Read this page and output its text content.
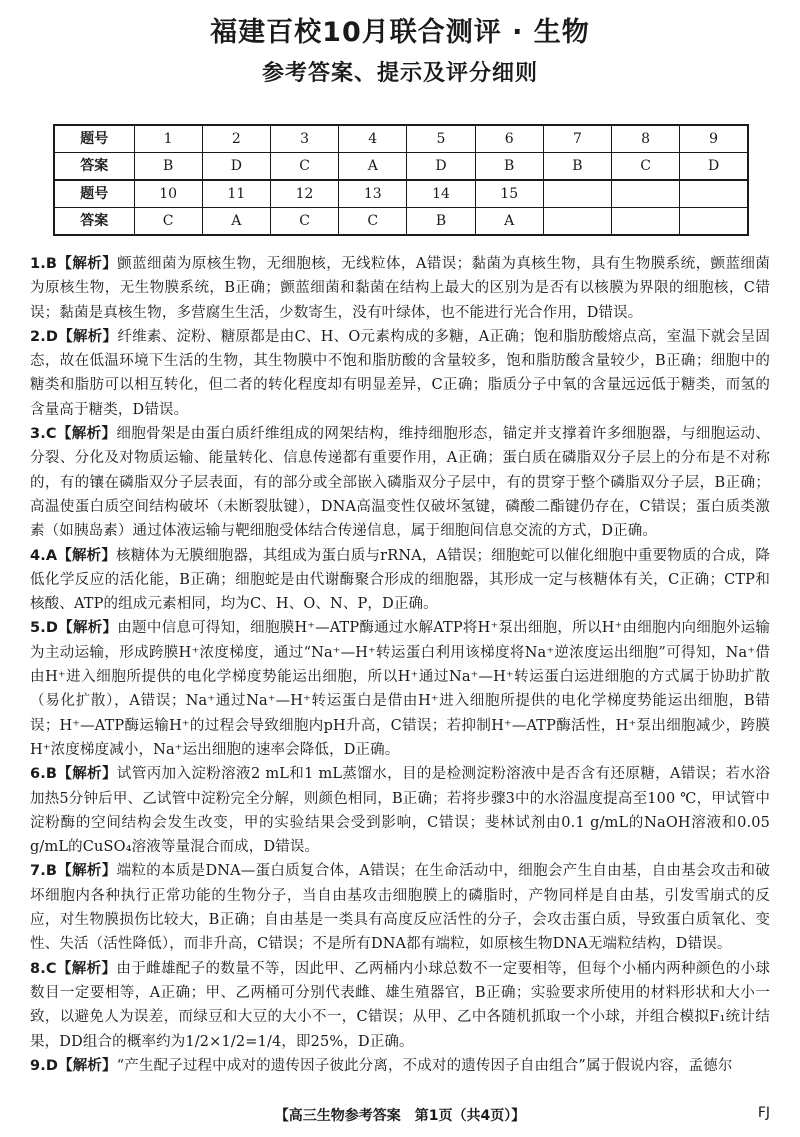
福建百校10月联合测评 · 生物
参考答案、提示及评分细则
题号	1	2	3	4	5	6	7	8	9
答案	B	D	C	A	D	B	B	C	D
题号	10	11	12	13	14	15			
答案	C	A	C	C	B	A			

1.B【解析】颤蓝细菌为原核生物，无细胞核，无线粒体，A错误；黏菌为真核生物，具有生物膜系统，颤蓝细菌为原核生物，无生物膜系统，B正确；颤蓝细菌和黏菌在结构上最大的区别为是否有以核膜为界限的细胞核，C错误；黏菌是真核生物，多营腐生生活，少数寄生，没有叶绿体，也不能进行光合作用，D错误。

2.D【解析】纤维素、淀粉、糖原都是由C、H、O元素构成的多糖，A正确；饱和脂肪酸熔点高，室温下就会呈固态，故在低温环境下生活的生物，其生物膜中不饱和脂肪酸的含量较多，饱和脂肪酸含量较少，B正确；细胞中的糖类和脂肪可以相互转化，但二者的转化程度却有明显差异，C正确；脂质分子中氧的含量远远低于糖类，而氢的含量高于糖类，D错误。

3.C【解析】细胞骨架是由蛋白质纤维组成的网架结构，维持细胞形态，锚定并支撑着许多细胞器，与细胞运动、分裂、分化及对物质运输、能量转化、信息传递都有重要作用，A正确；蛋白质在磷脂双分子层上的分布是不对称的，有的镶在磷脂双分子层表面，有的部分或全部嵌入磷脂双分子层中，有的贯穿于整个磷脂双分子层，B正确；高温使蛋白质空间结构破坏（未断裂肽键），DNA高温变性仅破坏氢键，磷酸二酯键仍存在，C错误；蛋白质类激素（如胰岛素）通过体液运输与靶细胞受体结合传递信息，属于细胞间信息交流的方式，D正确。

4.A【解析】核糖体为无膜细胞器，其组成为蛋白质与rRNA，A错误；细胞蛇可以催化细胞中重要物质的合成，降低化学反应的活化能，B正确；细胞蛇是由代谢酶聚合形成的细胞器，其形成一定与核糖体有关，C正确；CTP和核酸、ATP的组成元素相同，均为C、H、O、N、P，D正确。

5.D【解析】由题中信息可得知，细胞膜H⁺—ATP酶通过水解ATP将H⁺泵出细胞，所以H⁺由细胞内向细胞外运输为主动运输，形成跨膜H⁺浓度梯度，通过“Na⁺—H⁺转运蛋白利用该梯度将Na⁺逆浓度运出细胞”可得知，Na⁺借由H⁺进入细胞所提供的电化学梯度势能运出细胞，所以H⁺通过Na⁺—H⁺转运蛋白运进细胞的方式属于协助扩散（易化扩散），A错误；Na⁺通过Na⁺—H⁺转运蛋白是借由H⁺进入细胞所提供的电化学梯度势能运出细胞，B错误；H⁺—ATP酶运输H⁺的过程会导致细胞内pH升高，C错误；若抑制H⁺—ATP酶活性，H⁺泵出细胞减少，跨膜H⁺浓度梯度减小，Na⁺运出细胞的速率会降低，D正确。

6.B【解析】试管丙加入淀粉溶液2 mL和1 mL蒸馏水，目的是检测淀粉溶液中是否含有还原糖，A错误；若水浴加热5分钟后甲、乙试管中淀粉完全分解，则颜色相同，B正确；若将步骤3中的水浴温度提高至100 ℃，甲试管中淀粉酶的空间结构会发生改变，甲的实验结果会受到影响，C错误；斐林试剂由0.1 g/mL的NaOH溶液和0.05 g/mL的CuSO₄溶液等量混合而成，D错误。

7.B【解析】端粒的本质是DNA—蛋白质复合体，A错误；在生命活动中，细胞会产生自由基，自由基会攻击和破坏细胞内各种执行正常功能的生物分子，当自由基攻击细胞膜上的磷脂时，产物同样是自由基，引发雪崩式的反应，对生物膜损伤比较大，B正确；自由基是一类具有高度反应活性的分子，会攻击蛋白质，导致蛋白质氧化、变性、失活（活性降低），而非升高，C错误；不是所有DNA都有端粒，如原核生物DNA无端粒结构，D错误。

8.C【解析】由于雌雄配子的数量不等，因此甲、乙两桶内小球总数不一定要相等，但每个小桶内两种颜色的小球数目一定要相等，A正确；甲、乙两桶可分别代表雌、雄生殖器官，B正确；实验要求所使用的材料形状和大小一致，以避免人为误差，而绿豆和大豆的大小不一，C错误；从甲、乙中各随机抓取一个小球，并组合模拟F₁统计结果，DD组合的概率约为1/2×1/2=1/4，即25%，D正确。

9.D【解析】“产生配子过程中成对的遗传因子彼此分离，不成对的遗传因子自由组合”属于假说内容，孟德尔

【高三生物参考答案　第1页（共4页）】	FJ
